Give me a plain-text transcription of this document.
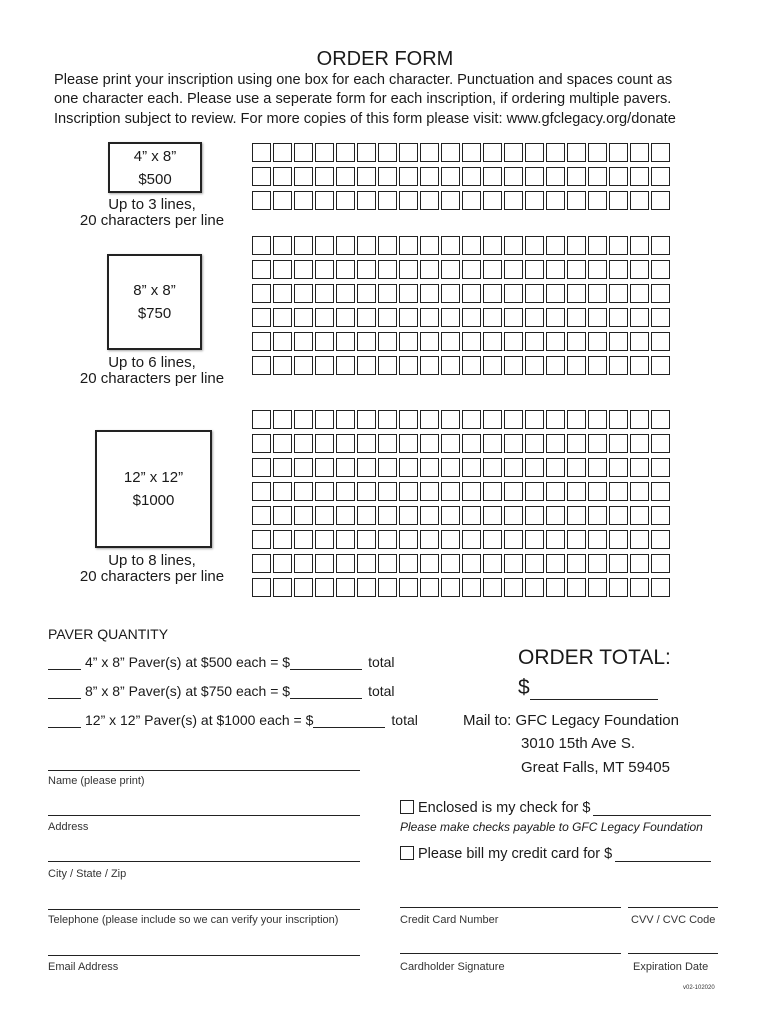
ORDER FORM
Please print your inscription using one box for each character. Punctuation and spaces count as
one character each. Please use a seperate form for each inscription, if ordering multiple pavers.
Inscription subject to review. For more copies of this form please visit: www.gfclegacy.org/donate
4” x 8”
$500
Up to 3 lines,
20 characters per line
8” x 8”
$750
Up to 6 lines,
20 characters per line
12” x 12”
$1000
Up to 8 lines,
20 characters per line
PAVER QUANTITY
4” x 8” Paver(s) at $500 each = $	total
8” x 8” Paver(s) at $750 each = $	total
12” x 12” Paver(s) at $1000 each = $	total
ORDER TOTAL:
$
Mail to: GFC Legacy Foundation
3010 15th Ave S.
Great Falls, MT 59405
Name (please print)
Address
City / State / Zip
Telephone (please include so we can verify your inscription)
Email Address
Enclosed is my check for $
Please make checks payable to GFC Legacy Foundation
Please bill my credit card for $
Credit Card Number	CVV / CVC Code
Cardholder Signature	Expiration Date
v02-102020
